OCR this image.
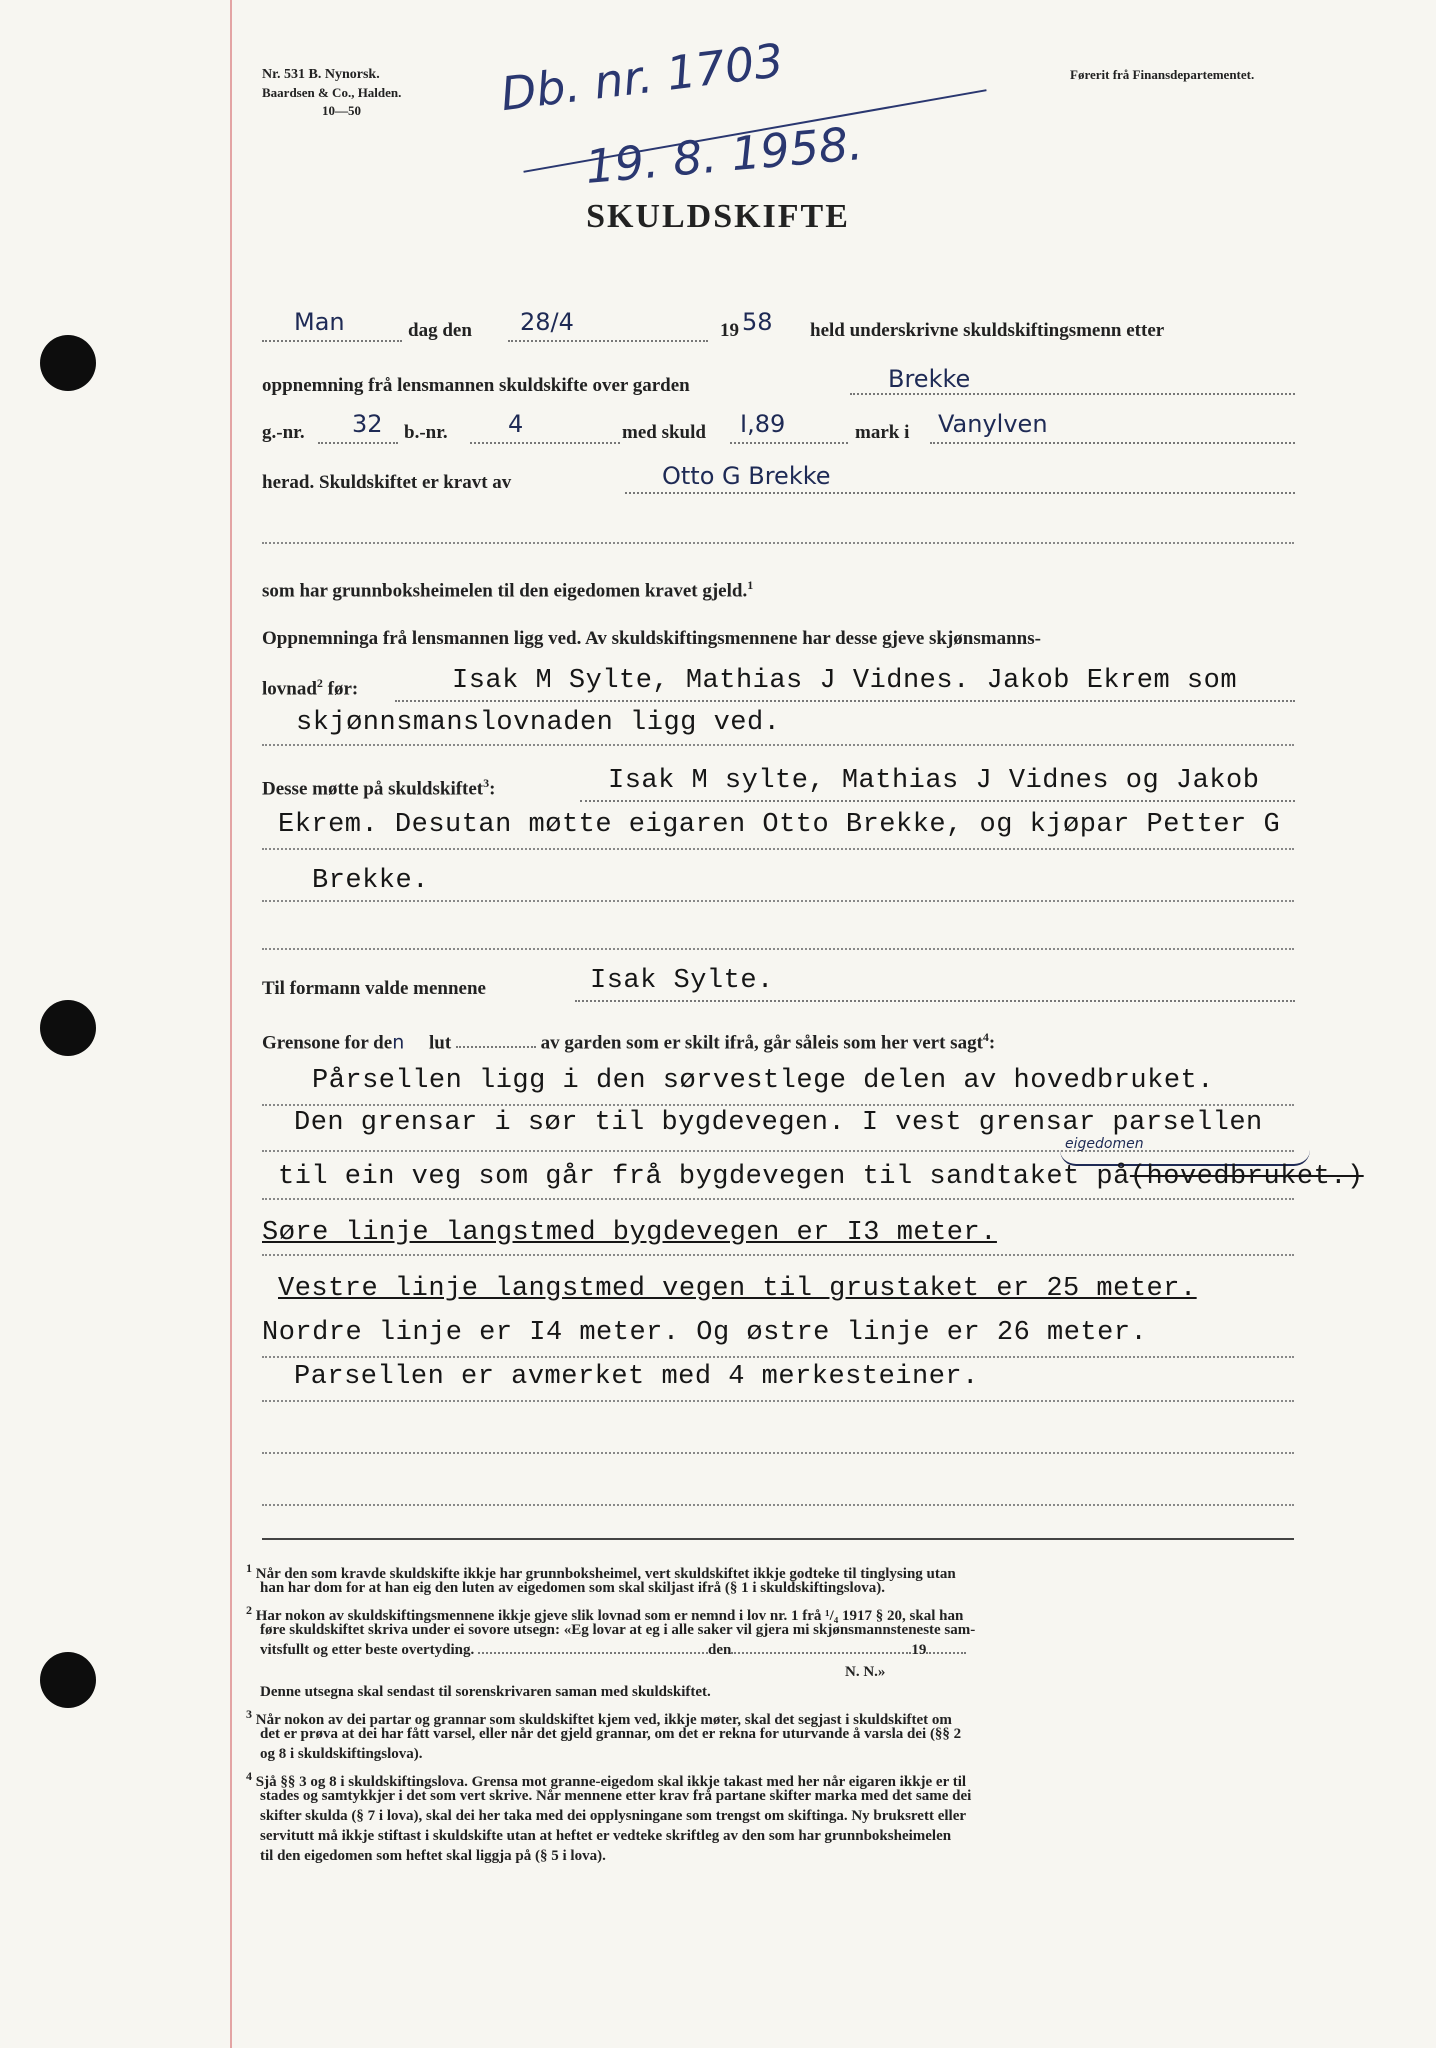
Nr. 531 B. Nynorsk.
Baardsen & Co., Halden.
10—50
Førerit frå Finansdepartementet.
Db. nr. 1703
19. 8. 1958.
SKULDSKIFTE
Man	dag den 28/4	19 58 held underskrivne skuldskiftingsmenn etter
oppnemning frå lensmannen skuldskifte over garden	Brekke
g.-nr. 32 b.-nr.	4	med skuld I,89	mark i Vanylven
herad. Skuldskiftet er kravt av	Otto G Brekke
som har grunnboksheimelen til den eigedomen kravet gjeld.$^1$
Oppnemninga frå lensmannen ligg ved. Av skuldskiftingsmennene har desse gjeve skjønsmanns-
lovnad$^2$ før:	Isak M Sylte, Mathias J Vidnes. Jakob Ekrem som
skjønnsmanslovnaden ligg ved.
Desse møtte på skuldskiftet$^3$:	Isak M sylte, Mathias J Vidnes og Jakob
Ekrem. Desutan møtte eigaren Otto Brekke, og kjøpar Petter G
Brekke.
Til formann valde mennene	Isak Sylte.
Grensone for den lut	av garden som er skilt ifrå, går såleis som her vert sagt$^4$:
Pårsellen ligg i den sørvestlege delen av hovedbruket.
Den grensar i sør til bygdevegen. I vest grensar parsellen
eigedomen
til ein veg som går frå bygdevegen til sandtaket på(hovedbruket.)
Søre linje langstmed bygdevegen er I3 meter.
Vestre linje langstmed vegen til grustaket er 25 meter.
Nordre linje er I4 meter. Og østre linje er 26 meter.
Parsellen er avmerket med 4 merkesteiner.
$^1$ Når den som kravde skuldskifte ikkje har grunnboksheimel, vert skuldskiftet ikkje godteke til tinglysing utan
han har dom for at han eig den luten av eigedomen som skal skiljast ifrå (§ 1 i skuldskiftingslova).
$^2$ Har nokon av skuldskiftingsmennene ikkje gjeve slik lovnad som er nemnd i lov nr. 1 frå ¹/₄ 1917 § 20, skal han
føre skuldskiftet skriva under ei sovore utsegn: «Eg lovar at eg i alle saker vil gjera mi skjønsmannsteneste sam-
vitsfullt og etter beste overtyding.	den	19
N. N.»
Denne utsegna skal sendast til sorenskrivaren saman med skuldskiftet.
$^3$ Når nokon av dei partar og grannar som skuldskiftet kjem ved, ikkje møter, skal det segjast i skuldskiftet om
det er prøva at dei har fått varsel, eller når det gjeld grannar, om det er rekna for uturvande å varsla dei (§§ 2
og 8 i skuldskiftingslova).
$^4$ Sjå §§ 3 og 8 i skuldskiftingslova. Grensa mot granne-eigedom skal ikkje takast med her når eigaren ikkje er til
stades og samtykkjer i det som vert skrive. Når mennene etter krav frå partane skifter marka med det same dei
skifter skulda (§ 7 i lova), skal dei her taka med dei opplysningane som trengst om skiftinga. Ny bruksrett eller
servitutt må ikkje stiftast i skuldskifte utan at heftet er vedteke skriftleg av den som har grunnboksheimelen
til den eigedomen som heftet skal liggja på (§ 5 i lova).
